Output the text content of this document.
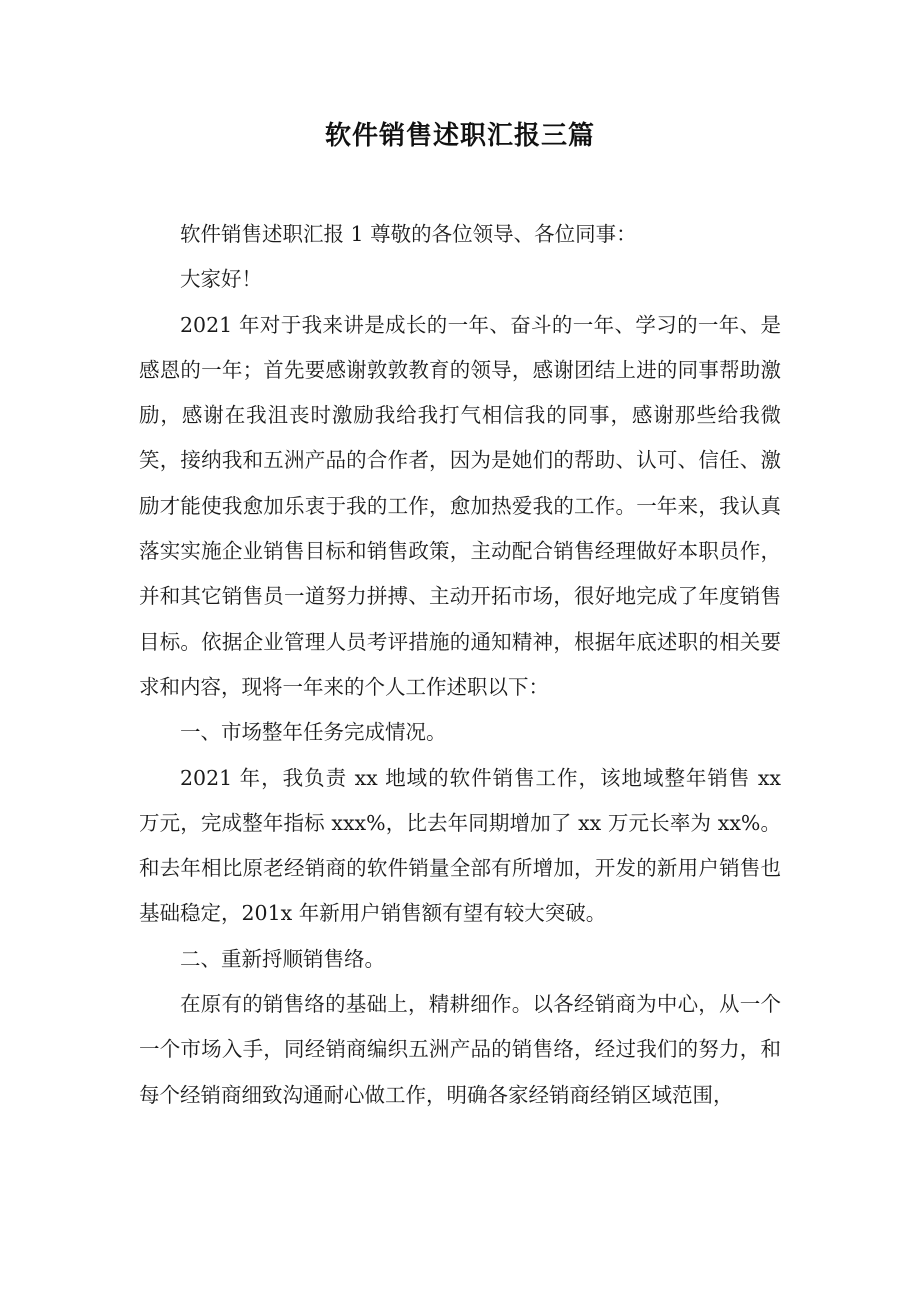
软件销售述职汇报三篇

软件销售述职汇报 1 尊敬的各位领导、各位同事：

大家好！

2021 年对于我来讲是成长的一年、奋斗的一年、学习的一年、是感恩的一年；首先要感谢敦敦教育的领导，感谢团结上进的同事帮助激励，感谢在我沮丧时激励我给我打气相信我的同事，感谢那些给我微笑，接纳我和五洲产品的合作者，因为是她们的帮助、认可、信任、激励才能使我愈加乐衷于我的工作，愈加热爱我的工作。一年来，我认真落实实施企业销售目标和销售政策，主动配合销售经理做好本职员作，并和其它销售员一道努力拼搏、主动开拓市场，很好地完成了年度销售目标。依据企业管理人员考评措施的通知精神，根据年底述职的相关要求和内容，现将一年来的个人工作述职以下：

一、市场整年任务完成情况。

2021 年，我负责 xx 地域的软件销售工作，该地域整年销售 xx 万元，完成整年指标 xxx%，比去年同期增加了 xx 万元长率为 xx%。和去年相比原老经销商的软件销量全部有所增加，开发的新用户销售也基础稳定，201x 年新用户销售额有望有较大突破。

二、重新捋顺销售络。

在原有的销售络的基础上，精耕细作。以各经销商为中心，从一个一个市场入手，同经销商编织五洲产品的销售络，经过我们的努力，和每个经销商细致沟通耐心做工作，明确各家经销商经销区域范围，
